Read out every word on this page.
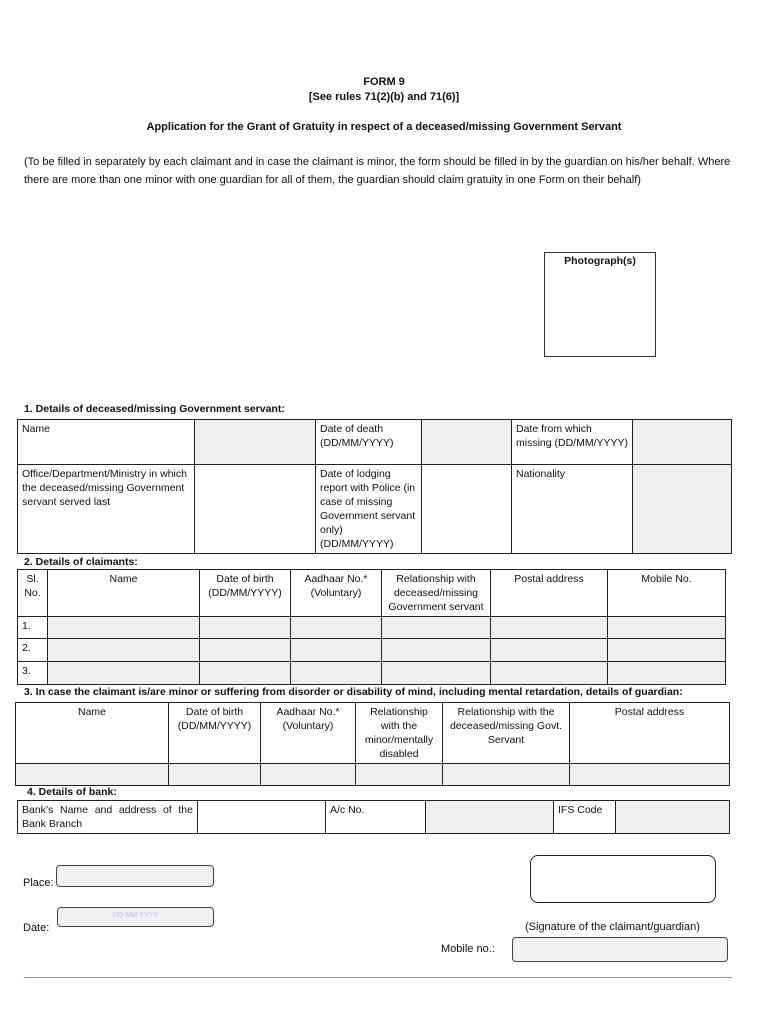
FORM 9
[See rules 71(2)(b) and 71(6)]
Application for the Grant of Gratuity in respect of a deceased/missing Government Servant
(To be filled in separately by each claimant and in case the claimant is minor, the form should be filled in by the guardian on his/her behalf. Where there are more than one minor with one guardian for all of them, the guardian should claim gratuity in one Form on their behalf)
Photograph(s)
1. Details of deceased/missing Government servant:
Name		Date of death (DD/MM/YYYY)		Date from which missing (DD/MM/YYYY)	
Office/Department/Ministry in which the deceased/missing Government servant served last		Date of lodging report with Police (in case of missing Government servant only) (DD/MM/YYYY)		Nationality	
2. Details of claimants:
Sl. No.	Name	Date of birth (DD/MM/YYYY)	Aadhaar No.* (Voluntary)	Relationship with deceased/missing Government servant	Postal address	Mobile No.
1.						
2.						
3.						
3. In case the claimant is/are minor or suffering from disorder or disability of mind, including mental retardation, details of guardian:
Name	Date of birth (DD/MM/YYYY)	Aadhaar No.* (Voluntary)	Relationship with the minor/mentally disabled	Relationship with the deceased/missing Govt. Servant	Postal address

4. Details of bank:
Bank’s Name and address of the Bank Branch		A/c No.		IFS Code	
Place:
Date:
DD-MM-YYYY
(Signature of the claimant/guardian)
Mobile no.:
